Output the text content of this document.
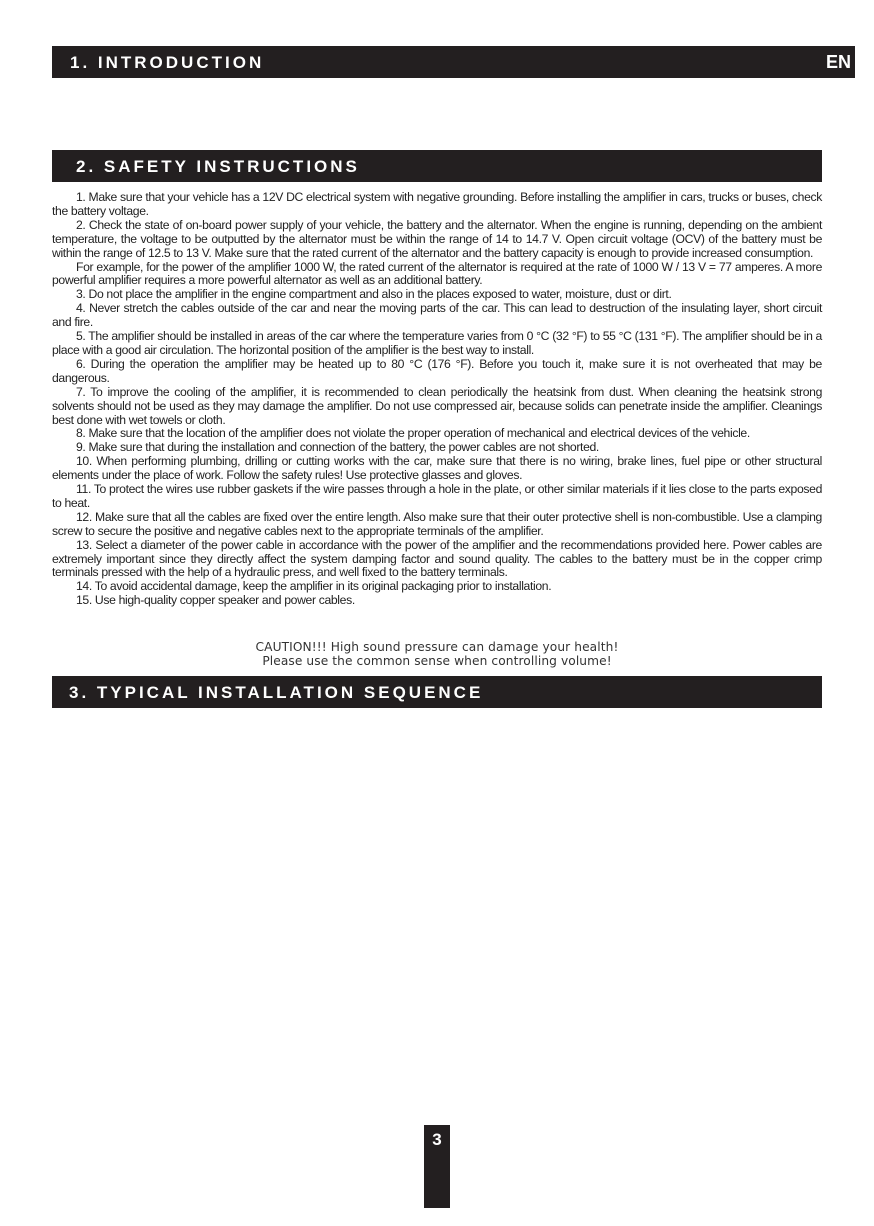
1. INTRODUCTION	EN
2. SAFETY INSTRUCTIONS

1. Make sure that your vehicle has a 12V DC electrical system with negative grounding. Before installing the amplifier in cars, trucks or buses, check the battery voltage.

2. Check the state of on-board power supply of your vehicle, the battery and the alternator. When the engine is running, depending on the ambient temperature, the voltage to be outputted by the alternator must be within the range of 14 to 14.7 V. Open circuit voltage (OCV) of the battery must be within the range of 12.5 to 13 V. Make sure that the rated current of the alternator and the battery capacity is enough to provide increased consumption.

For example, for the power of the amplifier 1000 W, the rated current of the alternator is required at the rate of 1000 W / 13 V = 77 amperes. A more powerful amplifier requires a more powerful alternator as well as an additional battery.

3. Do not place the amplifier in the engine compartment and also in the places exposed to water, moisture, dust or dirt.

4. Never stretch the cables outside of the car and near the moving parts of the car. This can lead to destruction of the insulating layer, short circuit and fire.

5. The amplifier should be installed in areas of the car where the temperature varies from 0 °C (32 °F) to 55 °C (131 °F). The amplifier should be in a place with a good air circulation. The horizontal position of the amplifier is the best way to install.

6. During the operation the amplifier may be heated up to 80 °C (176 °F). Before you touch it, make sure it is not overheated that may be dangerous.

7. To improve the cooling of the amplifier, it is recommended to clean periodically the heatsink from dust. When cleaning the heatsink strong solvents should not be used as they may damage the amplifier. Do not use compressed air, because solids can penetrate inside the amplifier. Cleanings best done with wet towels or cloth.

8. Make sure that the location of the amplifier does not violate the proper operation of mechanical and electrical devices of the vehicle.

9. Make sure that during the installation and connection of the battery, the power cables are not shorted.

10. When performing plumbing, drilling or cutting works with the car, make sure that there is no wiring, brake lines, fuel pipe or other structural elements under the place of work. Follow the safety rules! Use protective glasses and gloves.

11. To protect the wires use rubber gaskets if the wire passes through a hole in the plate, or other similar materials if it lies close to the parts exposed to heat.

12. Make sure that all the cables are fixed over the entire length. Also make sure that their outer protective shell is non-combustible. Use a clamping screw to secure the positive and negative cables next to the appropriate terminals of the amplifier.

13. Select a diameter of the power cable in accordance with the power of the amplifier and the recommendations provided here. Power cables are extremely important since they directly affect the system damping factor and sound quality. The cables to the battery must be in the copper crimp terminals pressed with the help of a hydraulic press, and well fixed to the battery terminals.

14. To avoid accidental damage, keep the amplifier in its original packaging prior to installation.

15. Use high-quality copper speaker and power cables.

CAUTION!!! High sound pressure can damage your health!
Please use the common sense when controlling volume!
3. TYPICAL INSTALLATION SEQUENCE
3
